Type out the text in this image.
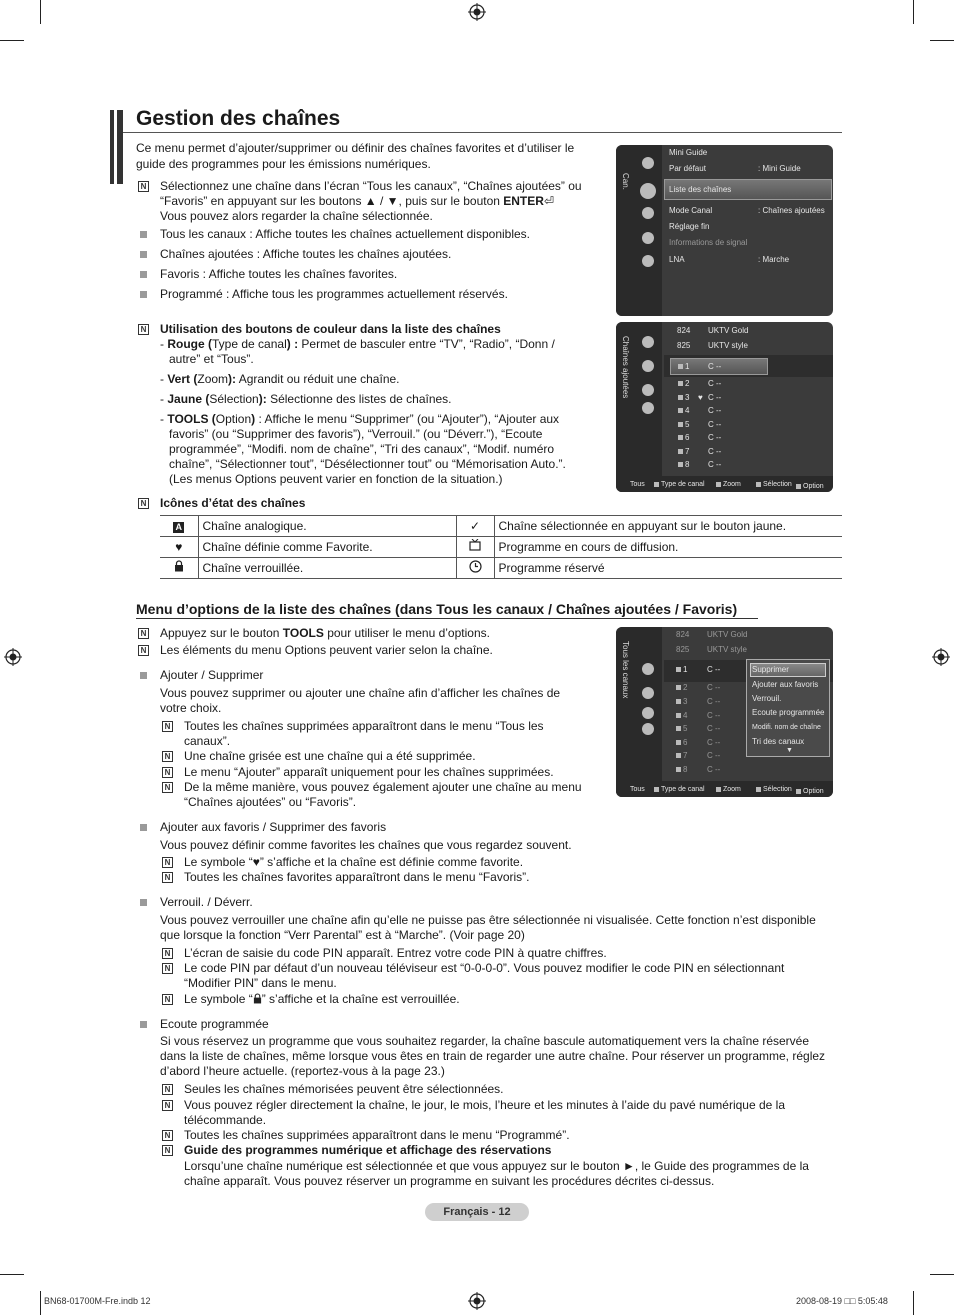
Gestion des chaînes
Ce menu permet d’ajouter/supprimer ou définir des chaînes favorites et d’utiliser le
guide des programmes pour les émissions numériques.
N Sélectionnez une chaîne dans l’écran “Tous les canaux”, “Chaînes ajoutées” ou
“Favoris” en appuyant sur les boutons ▲ / ▼, puis sur le bouton ENTER⏎
Vous pouvez alors regarder la chaîne sélectionnée.
Tous les canaux : Affiche toutes les chaînes actuellement disponibles.
Chaînes ajoutées : Affiche toutes les chaînes ajoutées.
Favoris : Affiche toutes les chaînes favorites.
Programmé : Affiche tous les programmes actuellement réservés.
N Utilisation des boutons de couleur dans la liste des chaînes
- Rouge (Type de canal) : Permet de basculer entre “TV”, “Radio”, “Donn /
autre” et “Tous”.
- Vert (Zoom): Agrandit ou réduit une chaîne.
- Jaune (Sélection): Sélectionne des listes de chaînes.
- TOOLS (Option) : Affiche le menu “Supprimer” (ou “Ajouter”), “Ajouter aux
favoris” (ou “Supprimer des favoris”), “Verrouil.” (ou “Déverr.”), “Ecoute
programmée”, “Modifi. nom de chaîne”, “Tri des canaux”, “Modif. numéro
chaîne”, “Sélectionner tout”, “Désélectionner tout” ou “Mémorisation Auto.”.
(Les menus Options peuvent varier en fonction de la situation.)
N Icônes d’état des chaînes
A	Chaîne analogique.	✓	Chaîne sélectionnée en appuyant sur le bouton jaune.
♥	Chaîne définie comme Favorite.		Programme en cours de diffusion.
	Chaîne verrouillée.		Programme réservé
Menu d’options de la liste des chaînes (dans Tous les canaux / Chaînes ajoutées / Favoris)
N Appuyez sur le bouton TOOLS pour utiliser le menu d’options.
N Les éléments du menu Options peuvent varier selon la chaîne.
Ajouter / Supprimer
Vous pouvez supprimer ou ajouter une chaîne afin d’afficher les chaînes de
votre choix.
N Toutes les chaînes supprimées apparaîtront dans le menu “Tous les
canaux”.
N Une chaîne grisée est une chaîne qui a été supprimée.
N Le menu “Ajouter” apparaît uniquement pour les chaînes supprimées.
N De la même manière, vous pouvez également ajouter une chaîne au menu
“Chaînes ajoutées” ou “Favoris”.
Ajouter aux favoris / Supprimer des favoris
Vous pouvez définir comme favorites les chaînes que vous regardez souvent.
N Le symbole “♥” s’affiche et la chaîne est définie comme favorite.
N Toutes les chaînes favorites apparaîtront dans le menu “Favoris”.
Verrouil. / Déverr.
Vous pouvez verrouiller une chaîne afin qu’elle ne puisse pas être sélectionnée ni visualisée. Cette fonction n’est disponible
que lorsque la fonction “Verr Parental” est à “Marche”. (Voir page 20)
N L’écran de saisie du code PIN apparaît. Entrez votre code PIN à quatre chiffres.
N Le code PIN par défaut d’un nouveau téléviseur est “0-0-0-0”. Vous pouvez modifier le code PIN en sélectionnant
“Modifier PIN” dans le menu.
N Le symbole “ ” s’affiche et la chaîne est verrouillée.
Ecoute programmée
Si vous réservez un programme que vous souhaitez regarder, la chaîne bascule automatiquement vers la chaîne réservée
dans la liste de chaînes, même lorsque vous êtes en train de regarder une autre chaîne. Pour réserver un programme, réglez
d’abord l’heure actuelle. (reportez-vous à la page 23.)
N Seules les chaînes mémorisées peuvent être sélectionnées.
N Vous pouvez régler directement la chaîne, le jour, le mois, l’heure et les minutes à l’aide du pavé numérique de la
télécommande.
N Toutes les chaînes supprimées apparaîtront dans le menu “Programmé”.
N Guide des programmes numérique et affichage des réservations
Lorsqu’une chaîne numérique est sélectionnée et que vous appuyez sur le bouton ►, le Guide des programmes de la
chaîne apparaît. Vous pouvez réserver un programme en suivant les procédures décrites ci-dessus.
Français - 12
BN68-01700M-Fre.indb 12	2008-08-19 □□ 5:05:48
Can.
Mini Guide
Par défaut	: Mini Guide
Liste des chaînes
Mode Canal	: Chaînes ajoutées
Réglage fin
Informations de signal
LNA	: Marche
Chaînes ajoutées
824 UKTV Gold
825 UKTV style
1 C --
2 C --
3 ♥ C --
4 C --
5 C --
6 C --
7 C --
8 C --
Tous	Type de canal	Zoom	Sélection	Option
Tous les canaux
824 UKTV Gold
825 UKTV style
1 C --
2 C --
3 C --
4 C --
5 C --
6 C --
7 C --
8 C --
Supprimer
Ajouter aux favoris
Verrouil.
Ecoute programmée
Modifi. nom de chaîne
Tri des canaux
▼
Tous	Type de canal	Zoom	Sélection	Option
